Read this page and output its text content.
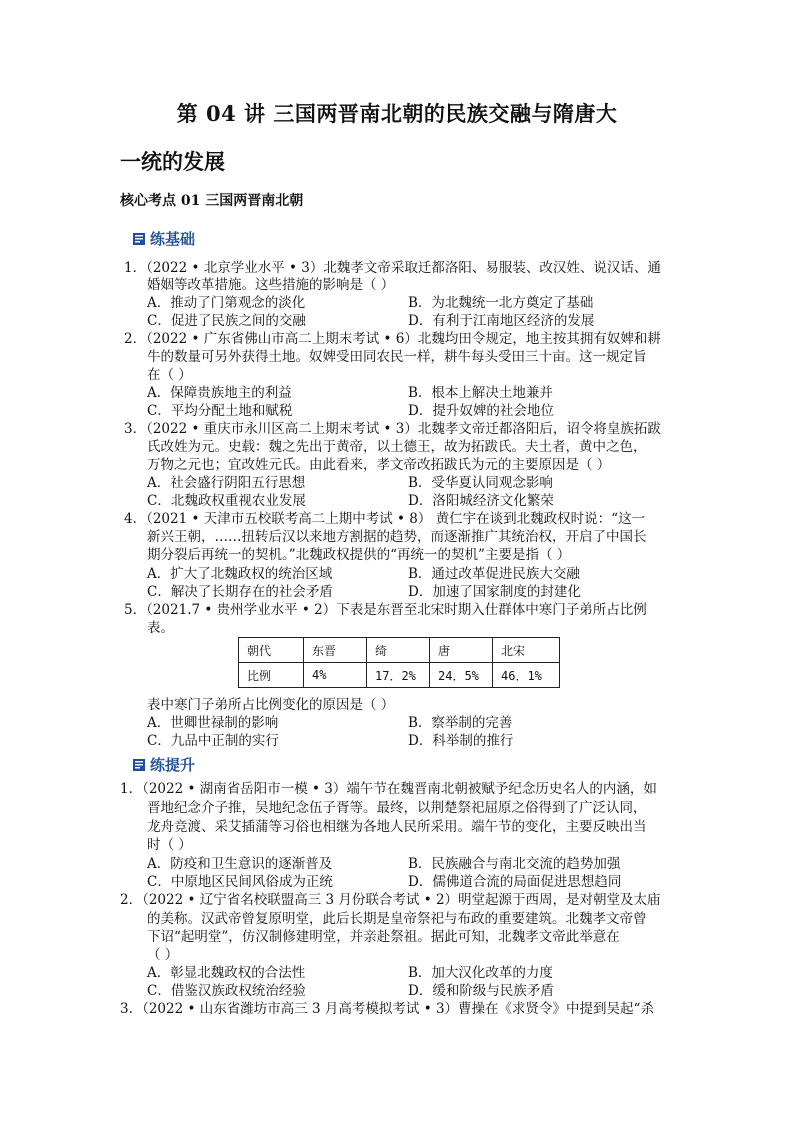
第 04 讲 三国两晋南北朝的民族交融与隋唐大
一统的发展
核心考点 01 三国两晋南北朝
练基础
1．（2022 • 北京学业水平 • 3）北魏孝文帝采取迁都洛阳、易服装、改汉姓、说汉话、通
婚姻等改革措施。这些措施的影响是（ ）
A．推动了门第观念的淡化	B．为北魏统一北方奠定了基础
C．促进了民族之间的交融	D．有利于江南地区经济的发展
2．（2022 • 广东省佛山市高二上期末考试 • 6）北魏均田令规定，地主按其拥有奴婢和耕
牛的数量可另外获得土地。奴婢受田同农民一样，耕牛每头受田三十亩。这一规定旨
在（ ）
A．保障贵族地主的利益	B．根本上解决土地兼并
C．平均分配土地和赋税	D．提升奴婢的社会地位
3．（2022 • 重庆市永川区高二上期末考试 • 3）北魏孝文帝迁都洛阳后，诏令将皇族拓跋
氏改姓为元。史载：魏之先出于黄帝，以土德王，故为拓跋氏。夫土者，黄中之色，
万物之元也；宜改姓元氏。由此看来，孝文帝改拓跋氏为元的主要原因是（ ）
A．社会盛行阴阳五行思想	B．受华夏认同观念影响
C．北魏政权重视农业发展	D．洛阳城经济文化繁荣
4．（2021 • 天津市五校联考高二上期中考试 • 8） 黄仁宇在谈到北魏政权时说：“这一
新兴王朝，……扭转后汉以来地方割据的趋势，而逐渐推广其统治权，开启了中国长
期分裂后再统一的契机。”北魏政权提供的“再统一的契机”主要是指（ ）
A．扩大了北魏政权的统治区域	B．通过改革促进民族大交融
C．解决了长期存在的社会矛盾	D．加速了国家制度的封建化
5．（2021.7 • 贵州学业水平 • 2）下表是东晋至北宋时期入仕群体中寒门子弟所占比例
表。
朝代	东晋	绮	唐	北宋
比例	4%	17．2%	24．5%	46．1%
表中寒门子弟所占比例变化的原因是（ ）
A．世卿世禄制的影响	B．察举制的完善
C．九品中正制的实行	D．科举制的推行
练提升
1．（2022 • 湖南省岳阳市一模 • 3）端午节在魏晋南北朝被赋予纪念历史名人的内涵，如
晋地纪念介子推，吴地纪念伍子胥等。最终，以荆楚祭祀屈原之俗得到了广泛认同，
龙舟竞渡、采艾插蒲等习俗也相继为各地人民所采用。端午节的变化，主要反映出当
时（ ）
A．防疫和卫生意识的逐渐普及	B．民族融合与南北交流的趋势加强
C．中原地区民间风俗成为正统	D．儒佛道合流的局面促进思想趋同
2．（2022 • 辽宁省名校联盟高三 3 月份联合考试 • 2）明堂起源于西周，是对朝堂及太庙
的美称。汉武帝曾复原明堂，此后长期是皇帝祭祀与布政的重要建筑。北魏孝文帝曾
下诏“起明堂”，仿汉制修建明堂，并亲赴祭祖。据此可知，北魏孝文帝此举意在
（ ）
A．彰显北魏政权的合法性	B．加大汉化改革的力度
C．借鉴汉族政权统治经验	D．缓和阶级与民族矛盾
3．（2022 • 山东省潍坊市高三 3 月高考模拟考试 • 3）曹操在《求贤令》中提到吴起“杀
